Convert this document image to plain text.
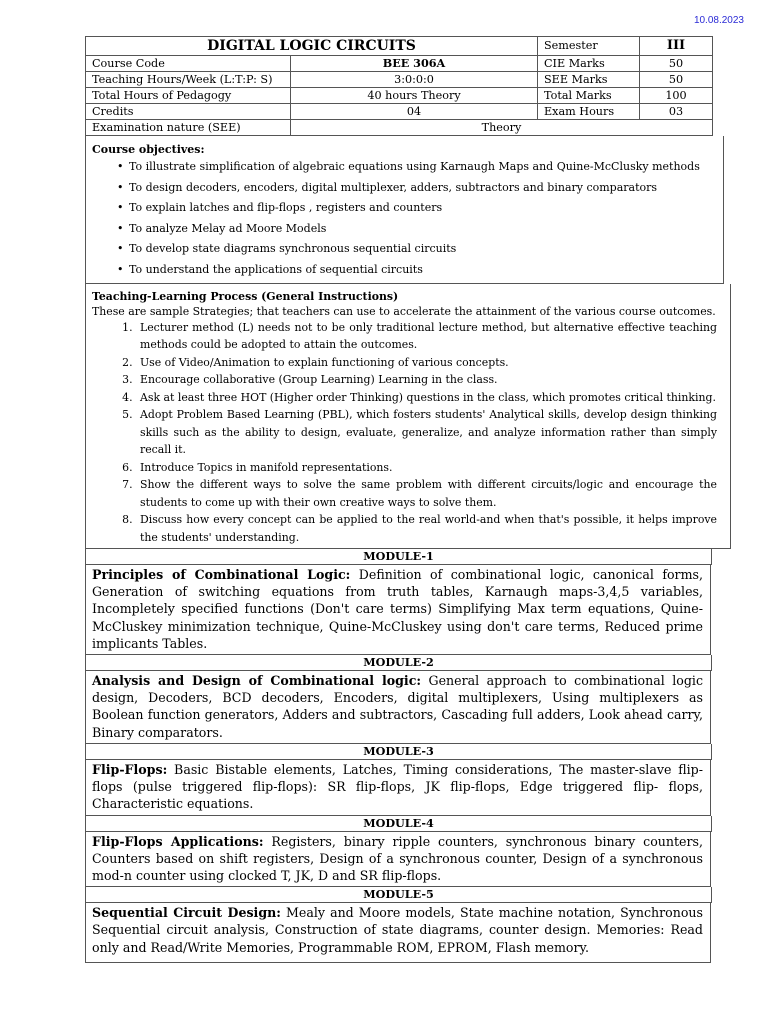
10.08.2023
DIGITAL LOGIC CIRCUITS		Semester	III
Course Code	BEE 306A	CIE Marks	50
Teaching Hours/Week (L:T:P: S)	3:0:0:0	SEE Marks	50
Total Hours of Pedagogy	40 hours Theory	Total Marks	100
Credits	04	Exam Hours	03
Examination nature (SEE)	Theory		
Course objectives:
• To illustrate simplification of algebraic equations using Karnaugh Maps and Quine-McClusky methods
• To design decoders, encoders, digital multiplexer, adders, subtractors and binary comparators
• To explain latches and flip-flops , registers and counters
• To analyze Melay ad Moore Models
• To develop state diagrams synchronous sequential circuits
• To understand the applications of sequential circuits
Teaching-Learning Process (General Instructions)
These are sample Strategies; that teachers can use to accelerate the attainment of the various course outcomes.
1. Lecturer method (L) needs not to be only traditional lecture method, but alternative effective teaching methods could be adopted to attain the outcomes.
2. Use of Video/Animation to explain functioning of various concepts.
3. Encourage collaborative (Group Learning) Learning in the class.
4. Ask at least three HOT (Higher order Thinking) questions in the class, which promotes critical thinking.
5. Adopt Problem Based Learning (PBL), which fosters students' Analytical skills, develop design thinking skills such as the ability to design, evaluate, generalize, and analyze information rather than simply recall it.
6. Introduce Topics in manifold representations.
7. Show the different ways to solve the same problem with different circuits/logic and encourage the students to come up with their own creative ways to solve them.
8. Discuss how every concept can be applied to the real world-and when that's possible, it helps improve the students' understanding.
MODULE-1
Principles of Combinational Logic: Definition of combinational logic, canonical forms, Generation of switching equations from truth tables, Karnaugh maps-3,4,5 variables, Incompletely specified functions (Don't care terms) Simplifying Max term equations, Quine-McCluskey minimization technique, Quine-McCluskey using don't care terms, Reduced prime implicants Tables.
MODULE-2
Analysis and Design of Combinational logic: General approach to combinational logic design, Decoders, BCD decoders, Encoders, digital multiplexers, Using multiplexers as Boolean function generators, Adders and subtractors, Cascading full adders, Look ahead carry, Binary comparators.
MODULE-3
Flip-Flops: Basic Bistable elements, Latches, Timing considerations, The master-slave flip-flops (pulse triggered flip-flops): SR flip-flops, JK flip-flops, Edge triggered flip- flops, Characteristic equations.
MODULE-4
Flip-Flops Applications: Registers, binary ripple counters, synchronous binary counters, Counters based on shift registers, Design of a synchronous counter, Design of a synchronous mod-n counter using clocked T, JK, D and SR flip-flops.
MODULE-5
Sequential Circuit Design: Mealy and Moore models, State machine notation, Synchronous Sequential circuit analysis, Construction of state diagrams, counter design. Memories: Read only and Read/Write Memories, Programmable ROM, EPROM, Flash memory.
